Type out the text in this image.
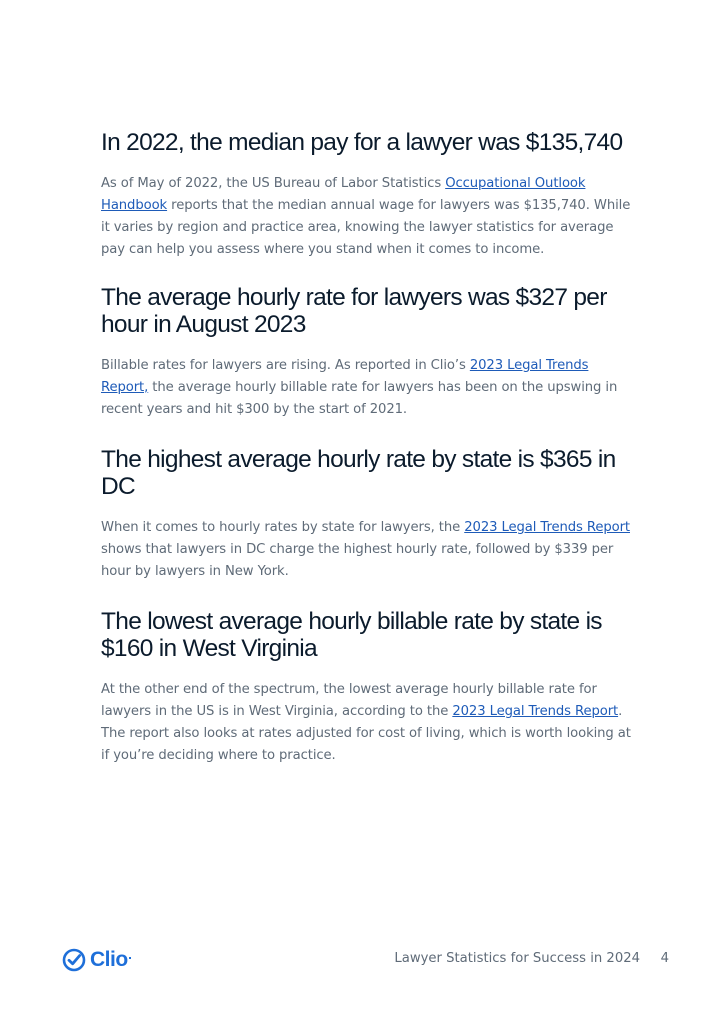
In 2022, the median pay for a lawyer was $135,740

As of May of 2022, the US Bureau of Labor Statistics Occupational Outlook Handbook reports that the median annual wage for lawyers was $135,740. While it varies by region and practice area, knowing the lawyer statistics for average pay can help you assess where you stand when it comes to income.

The average hourly rate for lawyers was $327 per hour in August 2023

Billable rates for lawyers are rising. As reported in Clio’s 2023 Legal Trends Report, the average hourly billable rate for lawyers has been on the upswing in recent years and hit $300 by the start of 2021.

The highest average hourly rate by state is $365 in DC

When it comes to hourly rates by state for lawyers, the 2023 Legal Trends Report shows that lawyers in DC charge the highest hourly rate, followed by $339 per hour by lawyers in New York.

The lowest average hourly billable rate by state is $160 in West Virginia

At the other end of the spectrum, the lowest average hourly billable rate for lawyers in the US is in West Virginia, according to the 2023 Legal Trends Report. The report also looks at rates adjusted for cost of living, which is worth looking at if you’re deciding where to practice.

Clio	Lawyer Statistics for Success in 2024 4
